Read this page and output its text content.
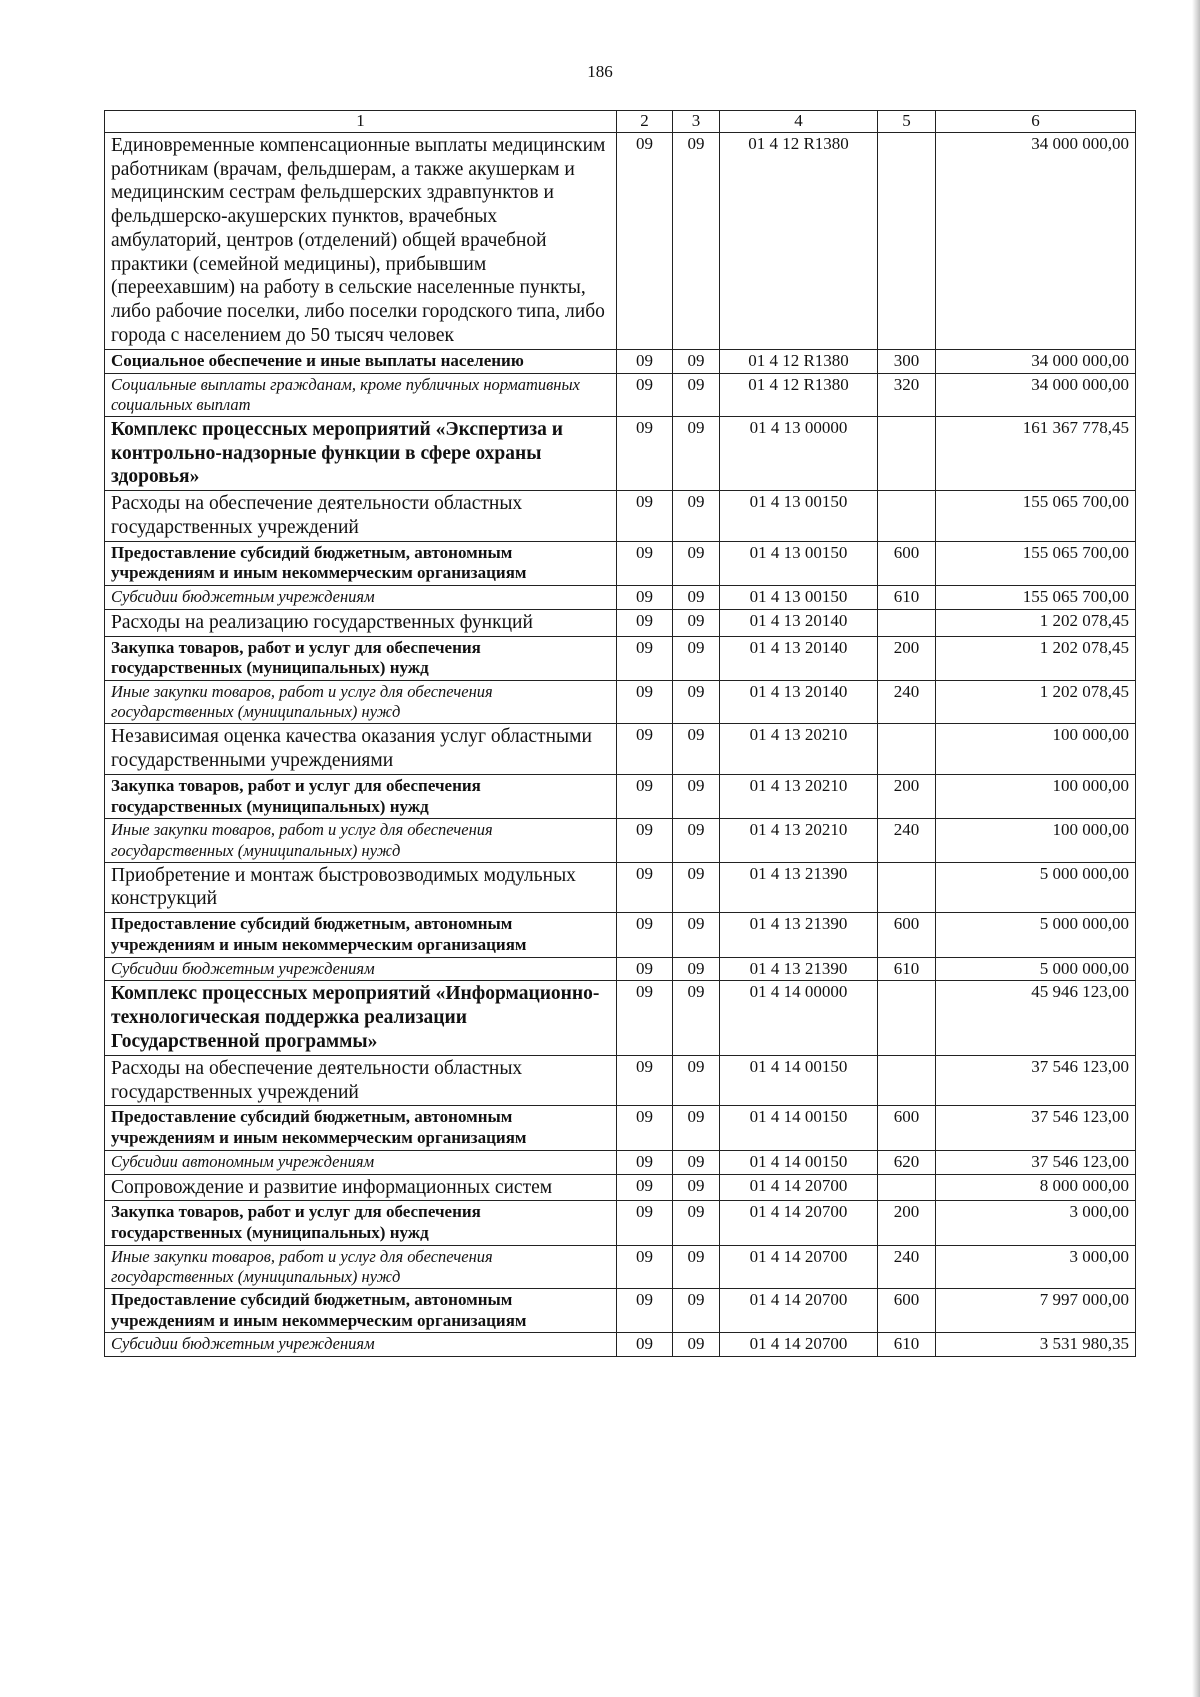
186
1	2	3	4	5	6
Единовременные компенсационные выплаты медицинским работникам (врачам, фельдшерам, а также акушеркам и медицинским сестрам фельдшерских здравпунктов и фельдшерско-акушерских пунктов, врачебных амбулаторий, центров (отделений) общей врачебной практики (семейной медицины), прибывшим (переехавшим) на работу в сельские населенные пункты, либо рабочие поселки, либо поселки городского типа, либо города с населением до 50 тысяч человек	09	09	01 4 12 R1380		34 000 000,00
Социальное обеспечение и иные выплаты населению	09	09	01 4 12 R1380	300	34 000 000,00
Социальные выплаты гражданам, кроме публичных нормативных социальных выплат	09	09	01 4 12 R1380	320	34 000 000,00
Комплекс процессных мероприятий «Экспертиза и контрольно-надзорные функции в сфере охраны здоровья»	09	09	01 4 13 00000		161 367 778,45
Расходы на обеспечение деятельности областных государственных учреждений	09	09	01 4 13 00150		155 065 700,00
Предоставление субсидий бюджетным, автономным учреждениям и иным некоммерческим организациям	09	09	01 4 13 00150	600	155 065 700,00
Субсидии бюджетным учреждениям	09	09	01 4 13 00150	610	155 065 700,00
Расходы на реализацию государственных функций	09	09	01 4 13 20140		1 202 078,45
Закупка товаров, работ и услуг для обеспечения государственных (муниципальных) нужд	09	09	01 4 13 20140	200	1 202 078,45
Иные закупки товаров, работ и услуг для обеспечения государственных (муниципальных) нужд	09	09	01 4 13 20140	240	1 202 078,45
Независимая оценка качества оказания услуг областными государственными учреждениями	09	09	01 4 13 20210		100 000,00
Закупка товаров, работ и услуг для обеспечения государственных (муниципальных) нужд	09	09	01 4 13 20210	200	100 000,00
Иные закупки товаров, работ и услуг для обеспечения государственных (муниципальных) нужд	09	09	01 4 13 20210	240	100 000,00
Приобретение и монтаж быстровозводимых модульных конструкций	09	09	01 4 13 21390		5 000 000,00
Предоставление субсидий бюджетным, автономным учреждениям и иным некоммерческим организациям	09	09	01 4 13 21390	600	5 000 000,00
Субсидии бюджетным учреждениям	09	09	01 4 13 21390	610	5 000 000,00
Комплекс процессных мероприятий «Информационно-технологическая поддержка реализации Государственной программы»	09	09	01 4 14 00000		45 946 123,00
Расходы на обеспечение деятельности областных государственных учреждений	09	09	01 4 14 00150		37 546 123,00
Предоставление субсидий бюджетным, автономным учреждениям и иным некоммерческим организациям	09	09	01 4 14 00150	600	37 546 123,00
Субсидии автономным учреждениям	09	09	01 4 14 00150	620	37 546 123,00
Сопровождение и развитие информационных систем	09	09	01 4 14 20700		8 000 000,00
Закупка товаров, работ и услуг для обеспечения государственных (муниципальных) нужд	09	09	01 4 14 20700	200	3 000,00
Иные закупки товаров, работ и услуг для обеспечения государственных (муниципальных) нужд	09	09	01 4 14 20700	240	3 000,00
Предоставление субсидий бюджетным, автономным учреждениям и иным некоммерческим организациям	09	09	01 4 14 20700	600	7 997 000,00
Субсидии бюджетным учреждениям	09	09	01 4 14 20700	610	3 531 980,35
